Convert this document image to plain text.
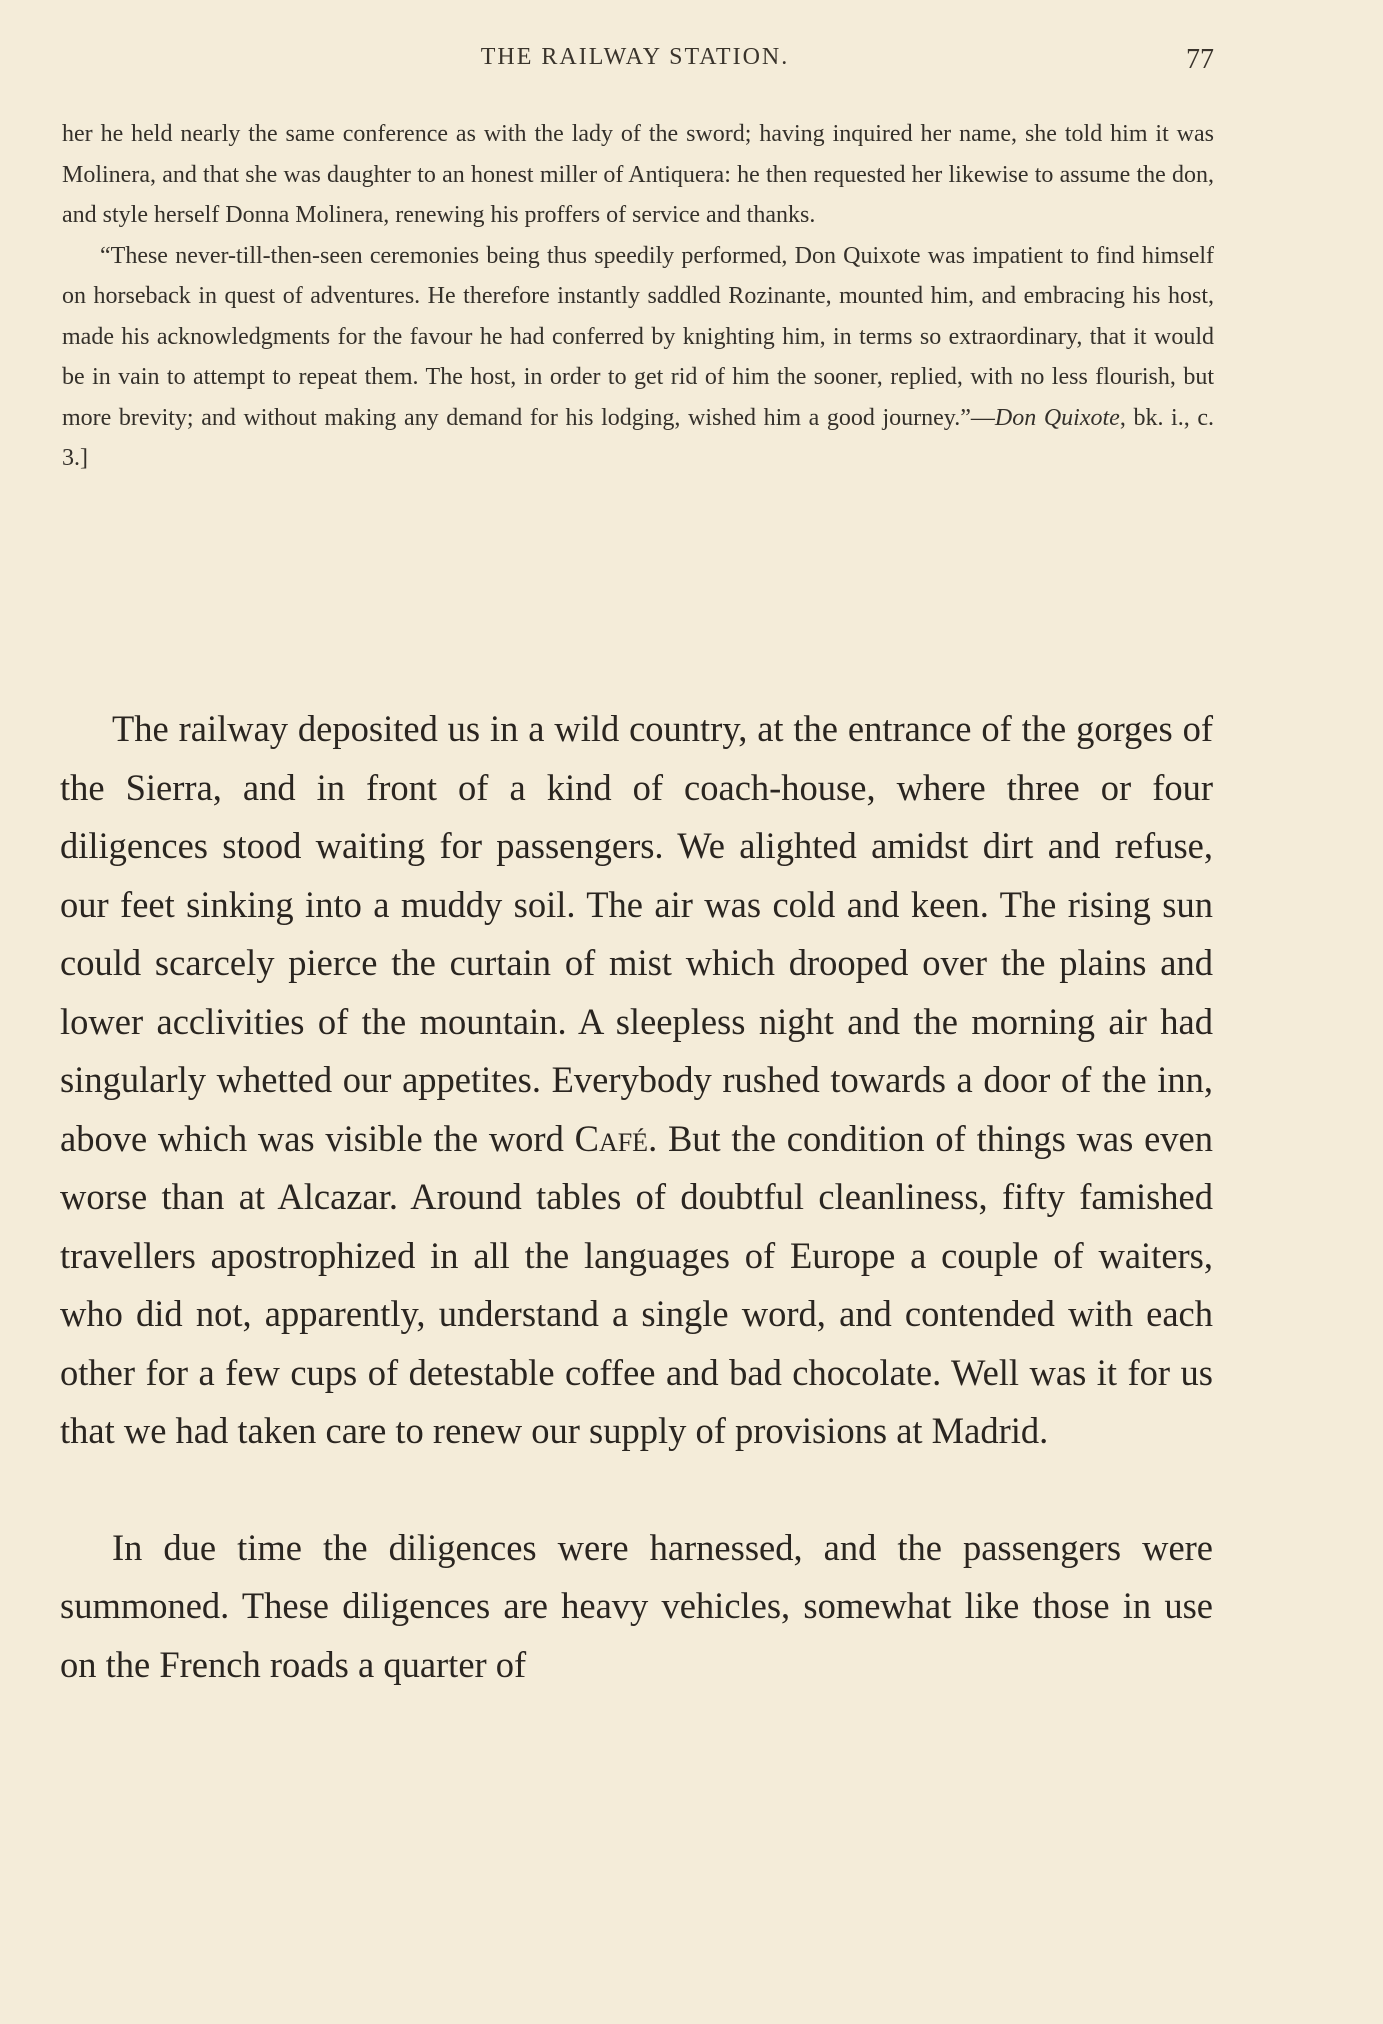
THE RAILWAY STATION.	77

her he held nearly the same conference as with the lady of the sword; having inquired her name, she told him it was Molinera, and that she was daughter to an honest miller of Antiquera: he then requested her likewise to assume the don, and style herself Donna Molinera, renewing his proffers of service and thanks.

“These never-till-then-seen ceremonies being thus speedily performed, Don Quixote was impatient to find himself on horseback in quest of adventures. He therefore instantly saddled Rozinante, mounted him, and embracing his host, made his acknowledgments for the favour he had conferred by knighting him, in terms so extraordinary, that it would be in vain to attempt to repeat them. The host, in order to get rid of him the sooner, replied, with no less flourish, but more brevity; and without making any demand for his lodging, wished him a good journey.”—Don Quixote, bk. i., c. 3.]

The railway deposited us in a wild country, at the entrance of the gorges of the Sierra, and in front of a kind of coach-house, where three or four diligences stood waiting for passengers. We alighted amidst dirt and refuse, our feet sinking into a muddy soil. The air was cold and keen. The rising sun could scarcely pierce the curtain of mist which drooped over the plains and lower acclivities of the mountain. A sleepless night and the morning air had singularly whetted our appetites. Everybody rushed towards a door of the inn, above which was visible the word Café. But the condition of things was even worse than at Alcazar. Around tables of doubtful cleanliness, fifty famished travellers apostrophized in all the languages of Europe a couple of waiters, who did not, apparently, understand a single word, and contended with each other for a few cups of detestable coffee and bad chocolate. Well was it for us that we had taken care to renew our supply of provisions at Madrid.

In due time the diligences were harnessed, and the passengers were summoned. These diligences are heavy vehicles, somewhat like those in use on the French roads a quarter of
